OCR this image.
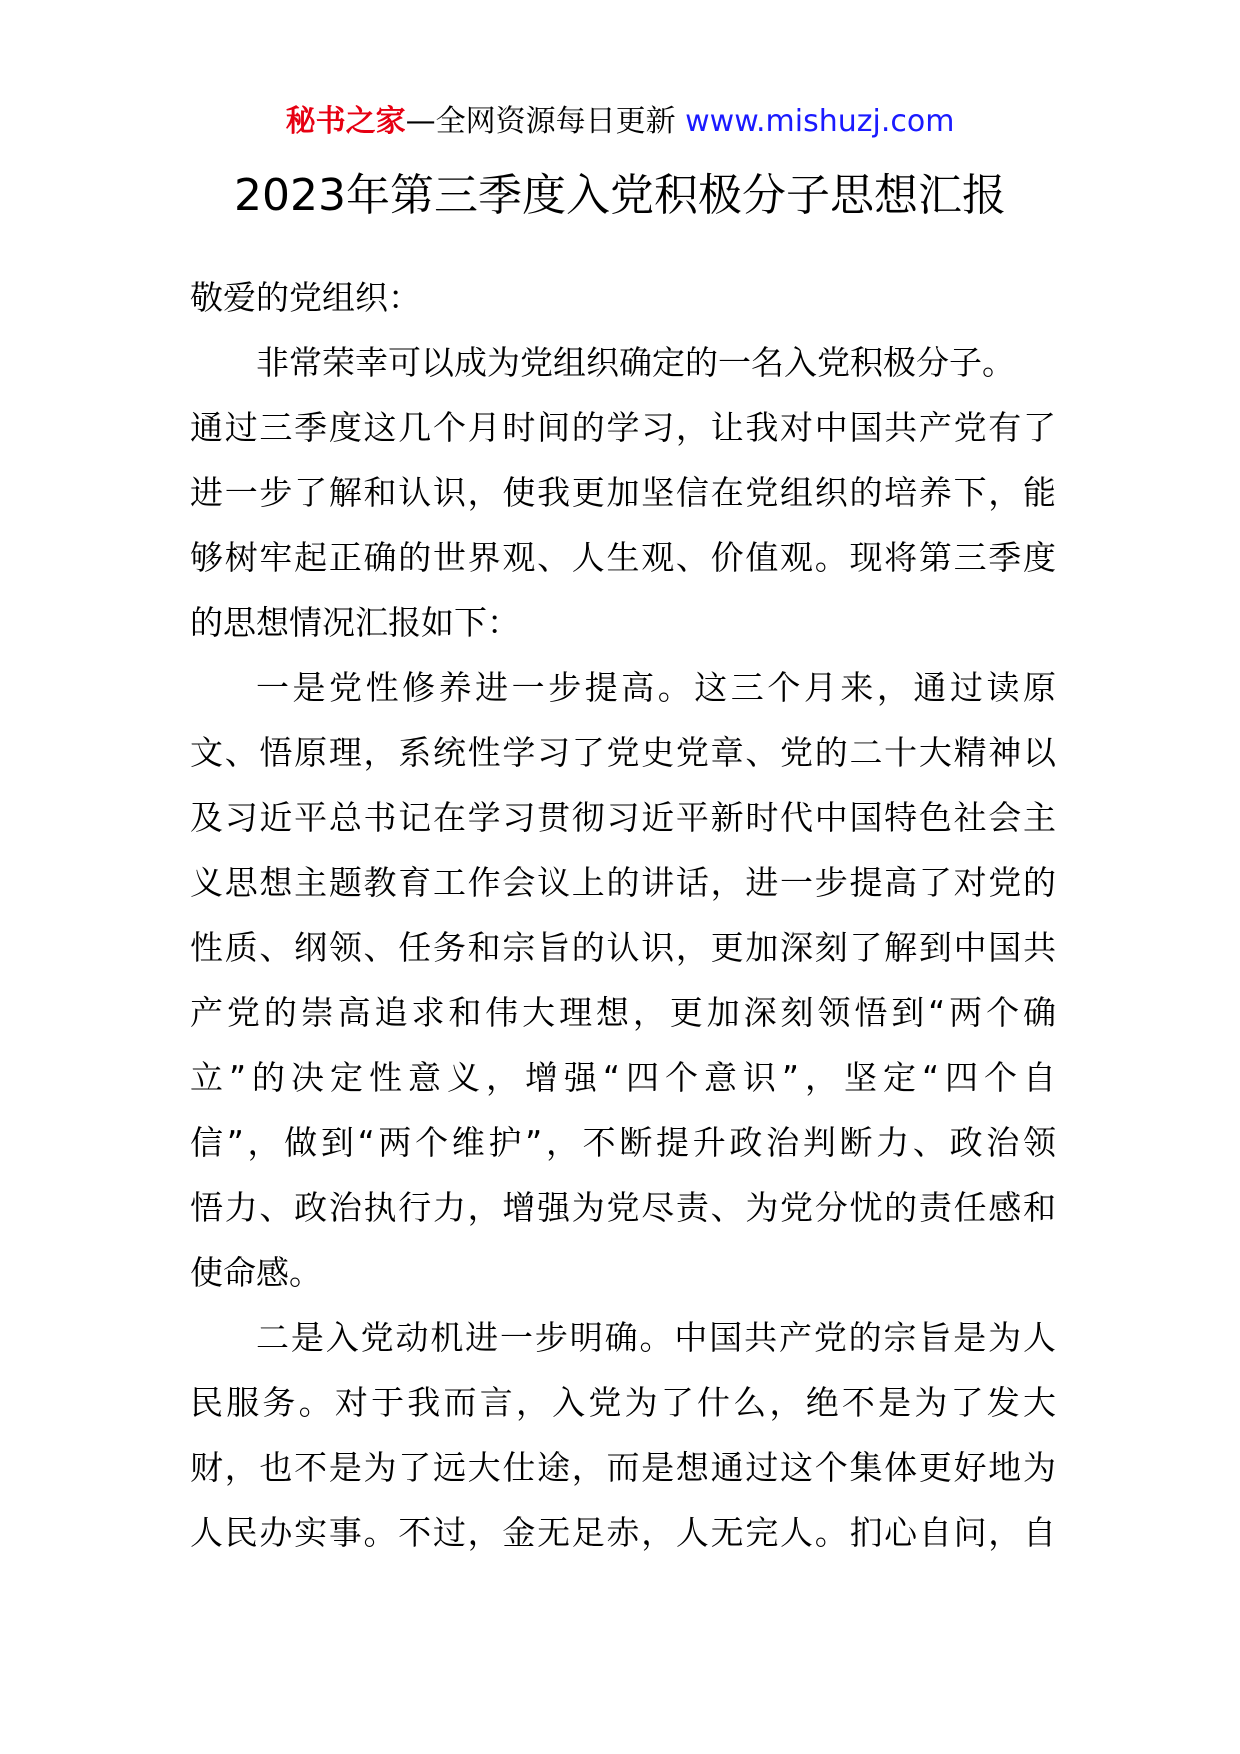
秘书之家—全网资源每日更新 www.mishuzj.com
2023年第三季度入党积极分子思想汇报
敬爱的党组织：
非常荣幸可以成为党组织确定的一名入党积极分子。
通过三季度这几个月时间的学习，让我对中国共产党有了
进一步了解和认识，使我更加坚信在党组织的培养下，能
够树牢起正确的世界观、人生观、价值观。现将第三季度
的思想情况汇报如下：
一是党性修养进一步提高。这三个月来，通过读原
文、悟原理，系统性学习了党史党章、党的二十大精神以
及习近平总书记在学习贯彻习近平新时代中国特色社会主
义思想主题教育工作会议上的讲话，进一步提高了对党的
性质、纲领、任务和宗旨的认识，更加深刻了解到中国共
产党的崇高追求和伟大理想，更加深刻领悟到“两个确
立”的决定性意义，增强“四个意识”，坚定“四个自
信”，做到“两个维护”，不断提升政治判断力、政治领
悟力、政治执行力，增强为党尽责、为党分忧的责任感和
使命感。
二是入党动机进一步明确。中国共产党的宗旨是为人
民服务。对于我而言，入党为了什么，绝不是为了发大
财，也不是为了远大仕途，而是想通过这个集体更好地为
人民办实事。不过，金无足赤，人无完人。扪心自问，自
